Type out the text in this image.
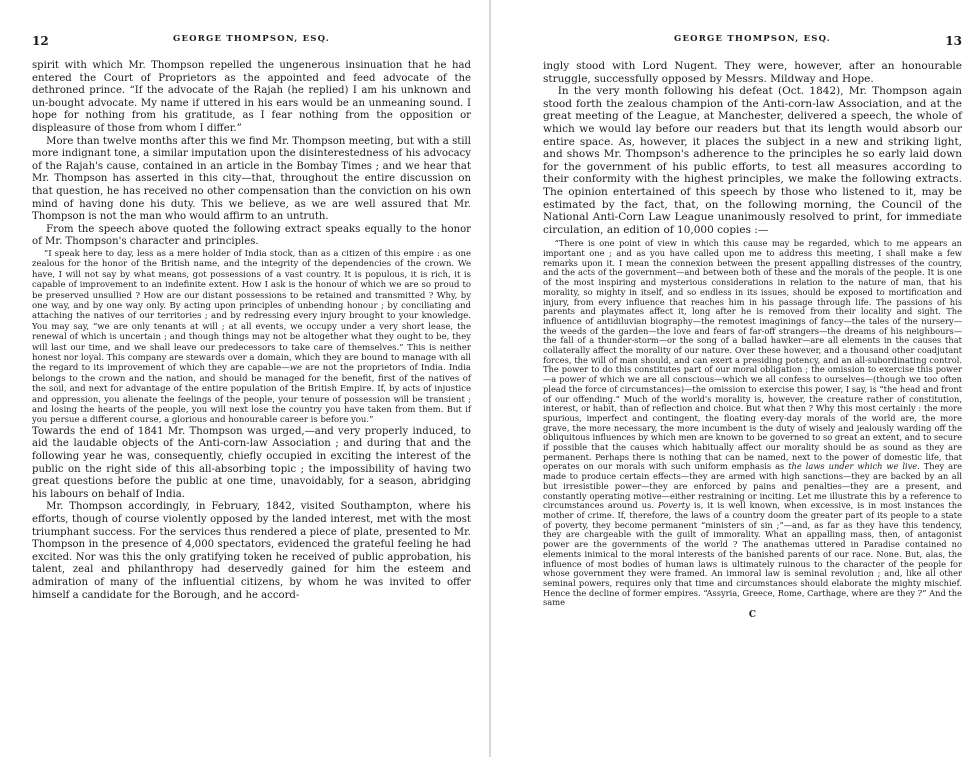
12	GEORGE THOMPSON, ESQ.

spirit with which Mr. Thompson repelled the ungenerous insinuation that he had entered the Court of Proprietors as the appointed and feed advocate of the dethroned prince. “If the advocate of the Rajah (he replied) I am his unknown and un-bought advocate. My name if uttered in his ears would be an unmeaning sound. I hope for nothing from his gratitude, as I fear nothing from the opposition or displeasure of those from whom I differ.”

More than twelve months after this we find Mr. Thompson meeting, but with a still more indignant tone, a similar imputation upon the disinterestedness of his advocacy of the Rajah's cause, contained in an article in the Bombay Times ; and we hear that Mr. Thompson has asserted in this city—that, throughout the entire discussion on that question, he has received no other compensation than the conviction on his own mind of having done his duty. This we believe, as we are well assured that Mr. Thompson is not the man who would affirm to an untruth.

From the speech above quoted the following extract speaks equally to the honor of Mr. Thompson's character and principles.

“I speak here to day, less as a mere holder of India stock, than as a citizen of this empire : as one zealous for the honor of the British name, and the integrity of the dependencies of the crown. We have, I will not say by what means, got possessions of a vast country. It is populous, it is rich, it is capable of improvement to an indefinite extent. How I ask is the honour of which we are so proud to be preserved unsullied ? How are our distant possessions to be retained and transmitted ? Why, by one way, and by one way only. By acting upon principles of unbending honour ; by conciliating and attaching the natives of our territories ; and by redressing every injury brought to your knowledge. You may say, “we are only tenants at will ; at all events, we occupy under a very short lease, the renewal of which is uncertain ; and though things may not be altogether what they ought to be, they will last our time, and we shall leave our predecessors to take care of themselves.” This is neither honest nor loyal. This company are stewards over a domain, which they are bound to manage with all the regard to its improvement of which they are capable—we are not the proprietors of India. India belongs to the crown and the nation, and should be managed for the benefit, first of the natives of the soil, and next for advantage of the entire population of the British Empire. If, by acts of injustice and oppression, you alienate the feelings of the people, your tenure of possession will be transient ; and losing the hearts of the people, you will next lose the country you have taken from them. But if you persue a different course, a glorious and honourable career is before you.”

Towards the end of 1841 Mr. Thompson was urged,—and very properly induced, to aid the laudable objects of the Anti-corn-law Association ; and during that and the following year he was, consequently, chiefly occupied in exciting the interest of the public on the right side of this all-absorbing topic ; the impossibility of having two great questions before the public at one time, unavoidably, for a season, abridging his labours on behalf of India.

Mr. Thompson accordingly, in February, 1842, visited Southampton, where his efforts, though of course violently opposed by the landed interest, met with the most triumphant success. For the services thus rendered a piece of plate, presented to Mr. Thompson in the presence of 4,000 spectators, evidenced the grateful feeling he had excited. Nor was this the only gratifying token he received of public approbation, his talent, zeal and philanthropy had deservedly gained for him the esteem and admiration of many of the influential citizens, by whom he was invited to offer himself a candidate for the Borough, and he accord-

GEORGE THOMPSON, ESQ.	13

ingly stood with Lord Nugent. They were, however, after an honourable struggle, successfully opposed by Messrs. Mildway and Hope.

In the very month following his defeat (Oct. 1842), Mr. Thompson again stood forth the zealous champion of the Anti-corn-law Association, and at the great meeting of the League, at Manchester, delivered a speech, the whole of which we would lay before our readers but that its length would absorb our entire space. As, however, it places the subject in a new and striking light, and shows Mr. Thompson's adherence to the principles he so early laid down for the government of his public efforts, to test all measures according to their conformity with the highest principles, we make the following extracts. The opinion entertained of this speech by those who listened to it, may be estimated by the fact, that, on the following morning, the Council of the National Anti-Corn Law League unanimously resolved to print, for immediate circulation, an edition of 10,000 copies :—

“There is one point of view in which this cause may be regarded, which to me appears an important one ; and as you have called upon me to address this meeting, I shall make a few remarks upon it. I mean the connexion between the present appalling distresses of the country, and the acts of the government—and between both of these and the morals of the people. It is one of the most inspiring and mysterious considerations in relation to the nature of man, that his morality, so mighty in itself, and so endless in its issues, should be exposed to mortification and injury, from every influence that reaches him in his passage through life. The passions of his parents and playmates affect it, long after he is removed from their locality and sight. The influence of antidiluvian biography—the remotest imaginings of fancy—the tales of the nursery—the weeds of the garden—the love and fears of far-off strangers—the dreams of his neighbours—the fall of a thunder-storm—or the song of a ballad hawker—are all elements in the causes that collaterally affect the morality of our nature. Over these however, and a thousand other coadjutant forces, the will of man should, and can exert a presiding potency, and an all-subordinating control. The power to do this constitutes part of our moral obligation ; the omission to exercise this power—a power of which we are all conscious—which we all confess to ourselves—(though we too often plead the force of circumstances)—the omission to exercise this power, I say, is “the head and front of our offending.” Much of the world's morality is, however, the creature rather of constitution, interest, or habit, than of reflection and choice. But what then ? Why this most certainly : the more spurious, imperfect and contingent, the floating every-day morals of the world are, the more grave, the more necessary, the more incumbent is the duty of wisely and jealously warding off the obliquitous influences by which men are known to be governed to so great an extent, and to secure if possible that the causes which habitually affect our morality should be as sound as they are permanent. Perhaps there is nothing that can be named, next to the power of domestic life, that operates on our morals with such uniform emphasis as the laws under which we live. They are made to produce certain effects—they are armed with high sanctions—they are backed by an all but irresistible power—they are enforced by pains and penalties—they are a present, and constantly operating motive—either restraining or inciting. Let me illustrate this by a reference to circumstances around us. Poverty is, it is well known, when excessive, is in most instances the mother of crime. If, therefore, the laws of a country doom the greater part of its people to a state of poverty, they become permanent “ministers of sin ;”—and, as far as they have this tendency, they are chargeable with the guilt of immorality. What an appalling mass, then, of antagonist power are the governments of the world ? The anathemas uttered in Paradise contained no elements inimical to the moral interests of the banished parents of our race. None. But, alas, the influence of most bodies of human laws is ultimately ruinous to the character of the people for whose government they were framed. An immoral law is seminal revolution ; and, like all other seminal powers, requires only that time and circumstances should elaborate the mighty mischief. Hence the decline of former empires. “Assyria, Greece, Rome, Carthage, where are they ?” And the same

C
